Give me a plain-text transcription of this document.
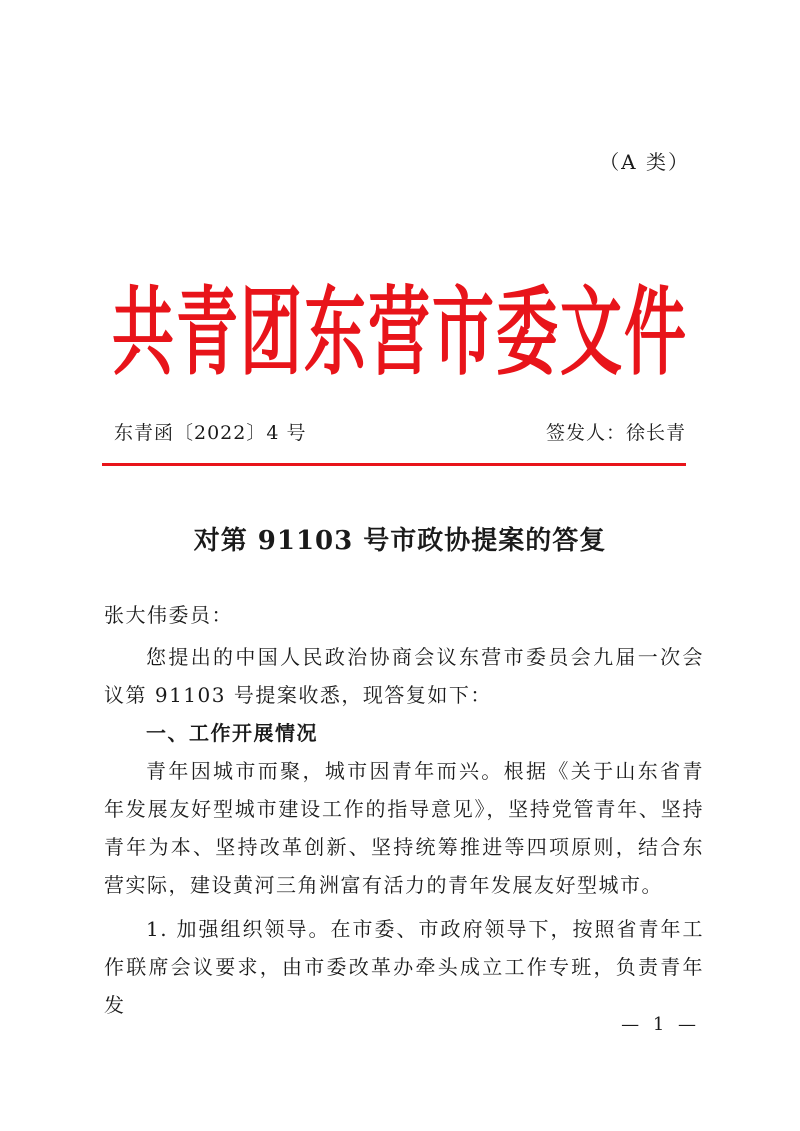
（A 类）
共青团东营市委文件
东青函〔2022〕4 号	签发人：徐长青
对第 91103 号市政协提案的答复

张大伟委员：

您提出的中国人民政治协商会议东营市委员会九届一次会议第 91103 号提案收悉，现答复如下：

一、工作开展情况

青年因城市而聚，城市因青年而兴。根据《关于山东省青年发展友好型城市建设工作的指导意见》，坚持党管青年、坚持青年为本、坚持改革创新、坚持统筹推进等四项原则，结合东营实际，建设黄河三角洲富有活力的青年发展友好型城市。

1. 加强组织领导。在市委、市政府领导下，按照省青年工作联席会议要求，由市委改革办牵头成立工作专班，负责青年发

— 1 —
